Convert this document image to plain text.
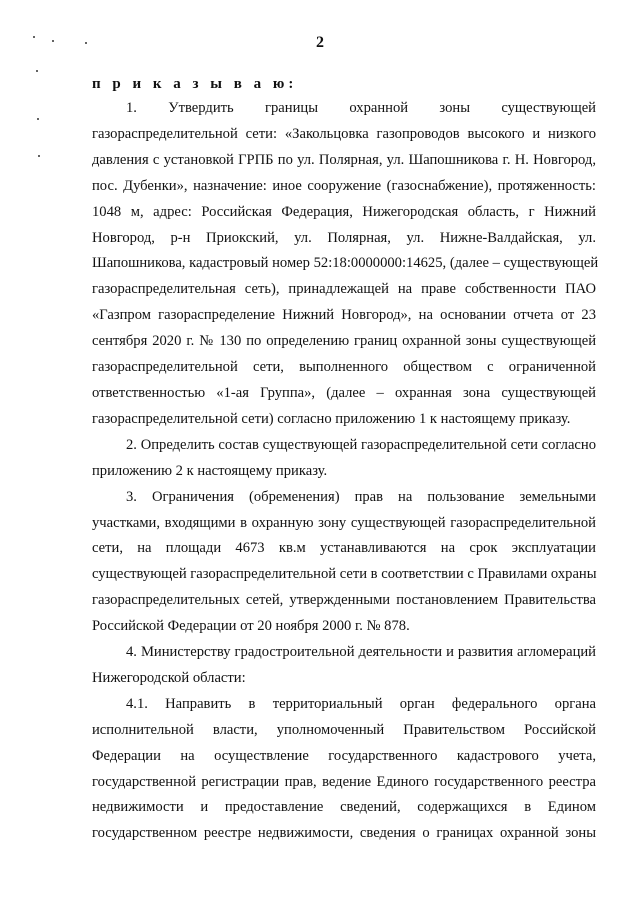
2
п р и к а з ы в а ю:
1. Утвердить границы охранной зоны существующей
газораспределительной сети: «Закольцовка газопроводов высокого и низкого
давления с установкой ГРПБ по ул. Полярная, ул. Шапошникова г. Н. Новгород,
пос. Дубенки», назначение: иное сооружение (газоснабжение), протяженность:
1048 м, адрес: Российская Федерация, Нижегородская область, г Нижний
Новгород, р-н Приокский, ул. Полярная, ул. Нижне-Валдайская, ул.
Шапошникова, кадастровый номер 52:18:0000000:14625, (далее – существующей
газораспределительная сеть), принадлежащей на праве собственности ПАО
«Газпром газораспределение Нижний Новгород», на основании отчета от 23
сентября 2020 г. № 130 по определению границ охранной зоны существующей
газораспределительной сети, выполненного обществом с ограниченной
ответственностью «1-ая Группа», (далее – охранная зона существующей
газораспределительной сети) согласно приложению 1 к настоящему приказу.
2. Определить состав существующей газораспределительной сети согласно
приложению 2 к настоящему приказу.
3. Ограничения (обременения) прав на пользование земельными
участками, входящими в охранную зону существующей газораспределительной
сети, на площади 4673 кв.м устанавливаются на срок эксплуатации
существующей газораспределительной сети в соответствии с Правилами охраны
газораспределительных сетей, утвержденными постановлением Правительства
Российской Федерации от 20 ноября 2000 г. № 878.
4. Министерству градостроительной деятельности и развития агломераций
Нижегородской области:
4.1. Направить в территориальный орган федерального органа
исполнительной власти, уполномоченный Правительством Российской
Федерации на осуществление государственного кадастрового учета,
государственной регистрации прав, ведение Единого государственного реестра
недвижимости и предоставление сведений, содержащихся в Едином
государственном реестре недвижимости, сведения о границах охранной зоны
